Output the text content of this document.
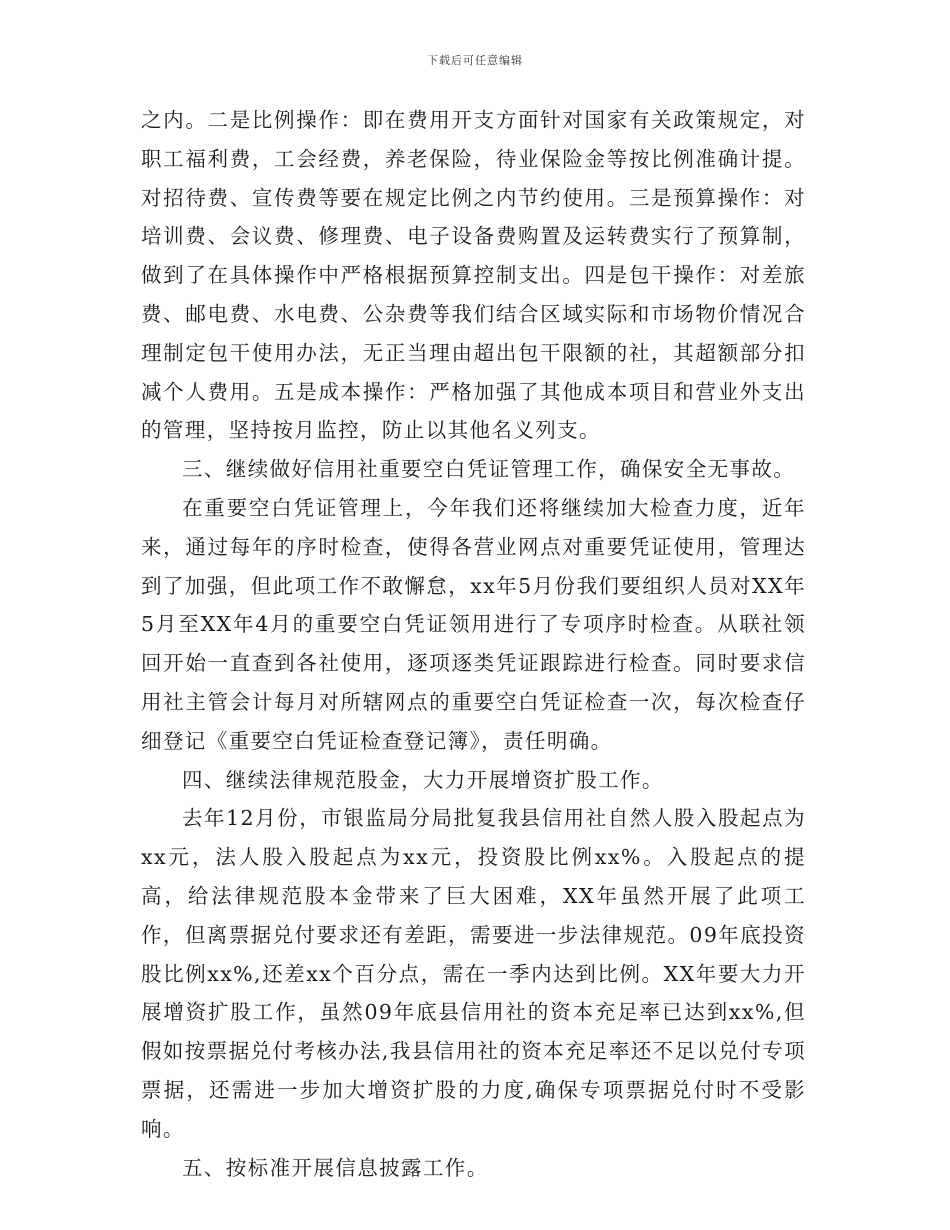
下载后可任意编辑

之内。二是比例操作：即在费用开支方面针对国家有关政策规定，对职工福利费，工会经费，养老保险，待业保险金等按比例准确计提。对招待费、宣传费等要在规定比例之内节约使用。三是预算操作：对培训费、会议费、修理费、电子设备费购置及运转费实行了预算制，做到了在具体操作中严格根据预算控制支出。四是包干操作：对差旅费、邮电费、水电费、公杂费等我们结合区域实际和市场物价情况合理制定包干使用办法，无正当理由超出包干限额的社，其超额部分扣减个人费用。五是成本操作：严格加强了其他成本项目和营业外支出的管理，坚持按月监控，防止以其他名义列支。

三、继续做好信用社重要空白凭证管理工作，确保安全无事故。

在重要空白凭证管理上，今年我们还将继续加大检查力度，近年来，通过每年的序时检查，使得各营业网点对重要凭证使用，管理达到了加强，但此项工作不敢懈怠，xx年5月份我们要组织人员对XX年5月至XX年4月的重要空白凭证领用进行了专项序时检查。从联社领回开始一直查到各社使用，逐项逐类凭证跟踪进行检查。同时要求信用社主管会计每月对所辖网点的重要空白凭证检查一次，每次检查仔细登记《重要空白凭证检查登记簿》，责任明确。

四、继续法律规范股金，大力开展增资扩股工作。

去年12月份，市银监局分局批复我县信用社自然人股入股起点为xx元，法人股入股起点为xx元，投资股比例xx%。入股起点的提高，给法律规范股本金带来了巨大困难，XX年虽然开展了此项工作，但离票据兑付要求还有差距，需要进一步法律规范。09年底投资股比例xx%,还差xx个百分点，需在一季内达到比例。XX年要大力开展增资扩股工作，虽然09年底县信用社的资本充足率已达到xx%,但假如按票据兑付考核办法,我县信用社的资本充足率还不足以兑付专项票据，还需进一步加大增资扩股的力度,确保专项票据兑付时不受影响。

五、按标准开展信息披露工作。
